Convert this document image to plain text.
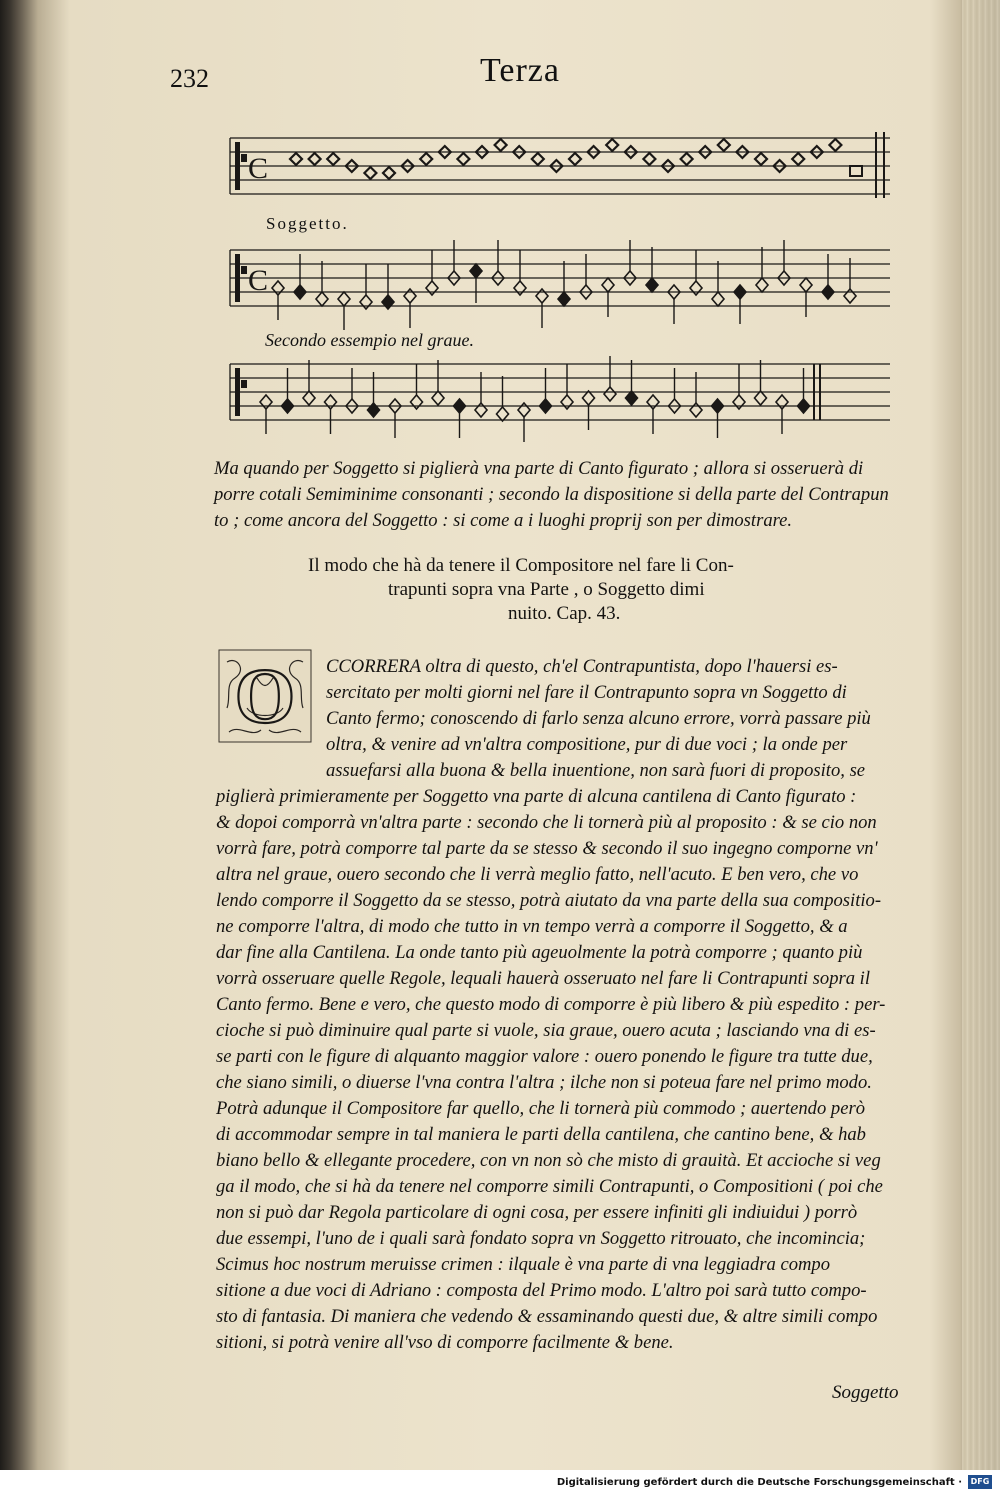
232	Terza
C
Soggetto.
C
Secondo essempio nel graue.
Ma quando per Soggetto si piglierà vna parte di Canto figurato ; allora si osseruerà di
porre cotali Semiminime consonanti ; secondo la dispositione si della parte del Contrapun
to ; come ancora del Soggetto : si come a i luoghi proprij son per dimostrare.
Il modo che hà da tenere il Compositore nel fare li Con-
trapunti sopra vna Parte , o Soggetto dimi
nuito. Cap. 43.
O CCORRERA oltra di questo, ch'el Contrapuntista, dopo l'hauersi es-
sercitato per molti giorni nel fare il Contrapunto sopra vn Soggetto di
Canto fermo; conoscendo di farlo senza alcuno errore, vorrà passare più
oltra, & venire ad vn'altra compositione, pur di due voci ; la onde per
assuefarsi alla buona & bella inuentione, non sarà fuori di proposito, se
piglierà primieramente per Soggetto vna parte di alcuna cantilena di Canto figurato :
& dopoi comporrà vn'altra parte : secondo che li tornerà più al proposito : & se cio non
vorrà fare, potrà comporre tal parte da se stesso & secondo il suo ingegno comporne vn'
altra nel graue, ouero secondo che li verrà meglio fatto, nell'acuto. E ben vero, che vo
lendo comporre il Soggetto da se stesso, potrà aiutato da vna parte della sua compositio-
ne comporre l'altra, di modo che tutto in vn tempo verrà a comporre il Soggetto, & a
dar fine alla Cantilena. La onde tanto più ageuolmente la potrà comporre ; quanto più
vorrà osseruare quelle Regole, lequali hauerà osseruato nel fare li Contrapunti sopra il
Canto fermo. Bene e vero, che questo modo di comporre è più libero & più espedito : per-
cioche si può diminuire qual parte si vuole, sia graue, ouero acuta ; lasciando vna di es-
se parti con le figure di alquanto maggior valore : ouero ponendo le figure tra tutte due,
che siano simili, o diuerse l'vna contra l'altra ; ilche non si poteua fare nel primo modo.
Potrà adunque il Compositore far quello, che li tornerà più commodo ; auertendo però
di accommodar sempre in tal maniera le parti della cantilena, che cantino bene, & hab
biano bello & ellegante procedere, con vn non sò che misto di grauità. Et accioche si veg
ga il modo, che si hà da tenere nel comporre simili Contrapunti, o Compositioni ( poi che
non si può dar Regola particolare di ogni cosa, per essere infiniti gli indiuidui ) porrò
due essempi, l'uno de i quali sarà fondato sopra vn Soggetto ritrouato, che incomincia;
Scimus hoc nostrum meruisse crimen : ilquale è vna parte di vna leggiadra compo
sitione a due voci di Adriano : composta del Primo modo. L'altro poi sarà tutto compo-
sto di fantasia. Di maniera che vedendo & essaminando questi due, & altre simili compo
sitioni, si potrà venire all'vso di comporre facilmente & bene.
Soggetto
Digitalisierung gefördert durch die Deutsche Forschungsgemeinschaft ·	DFG
